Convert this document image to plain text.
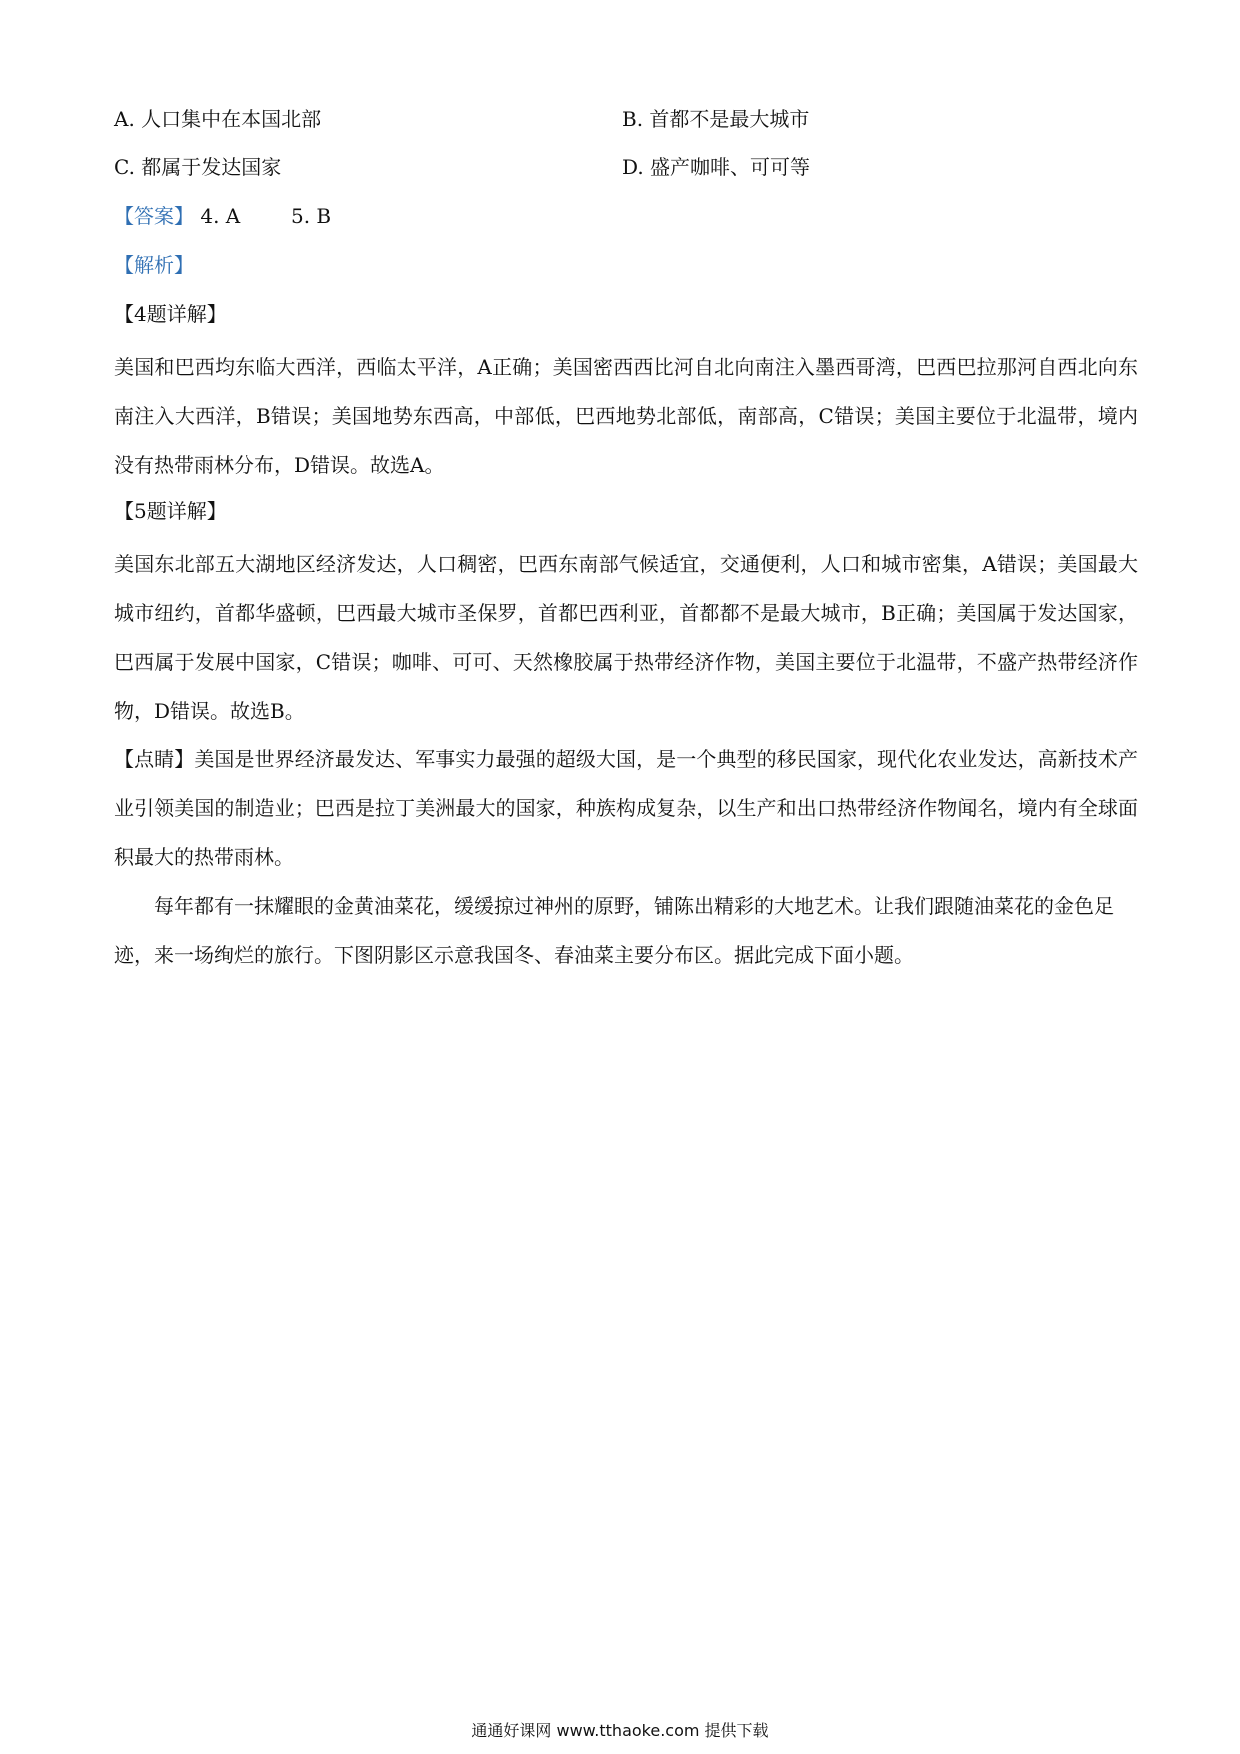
A. 人口集中在本国北部	B. 首都不是最大城市
C. 都属于发达国家	D. 盛产咖啡、可可等
【答案】 4. A	5. B
【解析】
【4题详解】
美国和巴西均东临大西洋，西临太平洋，A正确；美国密西西比河自北向南注入墨西哥湾，巴西巴拉那河自西北向东南注入大西洋，B错误；美国地势东西高，中部低，巴西地势北部低，南部高，C错误；美国主要位于北温带，境内没有热带雨林分布，D错误。故选A。
【5题详解】
美国东北部五大湖地区经济发达，人口稠密，巴西东南部气候适宜，交通便利，人口和城市密集，A错误；美国最大城市纽约，首都华盛顿，巴西最大城市圣保罗，首都巴西利亚，首都都不是最大城市，B正确；美国属于发达国家，巴西属于发展中国家，C错误；咖啡、可可、天然橡胶属于热带经济作物，美国主要位于北温带，不盛产热带经济作物，D错误。故选B。
【点睛】美国是世界经济最发达、军事实力最强的超级大国，是一个典型的移民国家，现代化农业发达，高新技术产业引领美国的制造业；巴西是拉丁美洲最大的国家，种族构成复杂，以生产和出口热带经济作物闻名，境内有全球面积最大的热带雨林。
每年都有一抹耀眼的金黄油菜花，缓缓掠过神州的原野，铺陈出精彩的大地艺术。让我们跟随油菜花的金色足迹，来一场绚烂的旅行。下图阴影区示意我国冬、春油菜主要分布区。据此完成下面小题。
通通好课网 www.tthaoke.com 提供下载
